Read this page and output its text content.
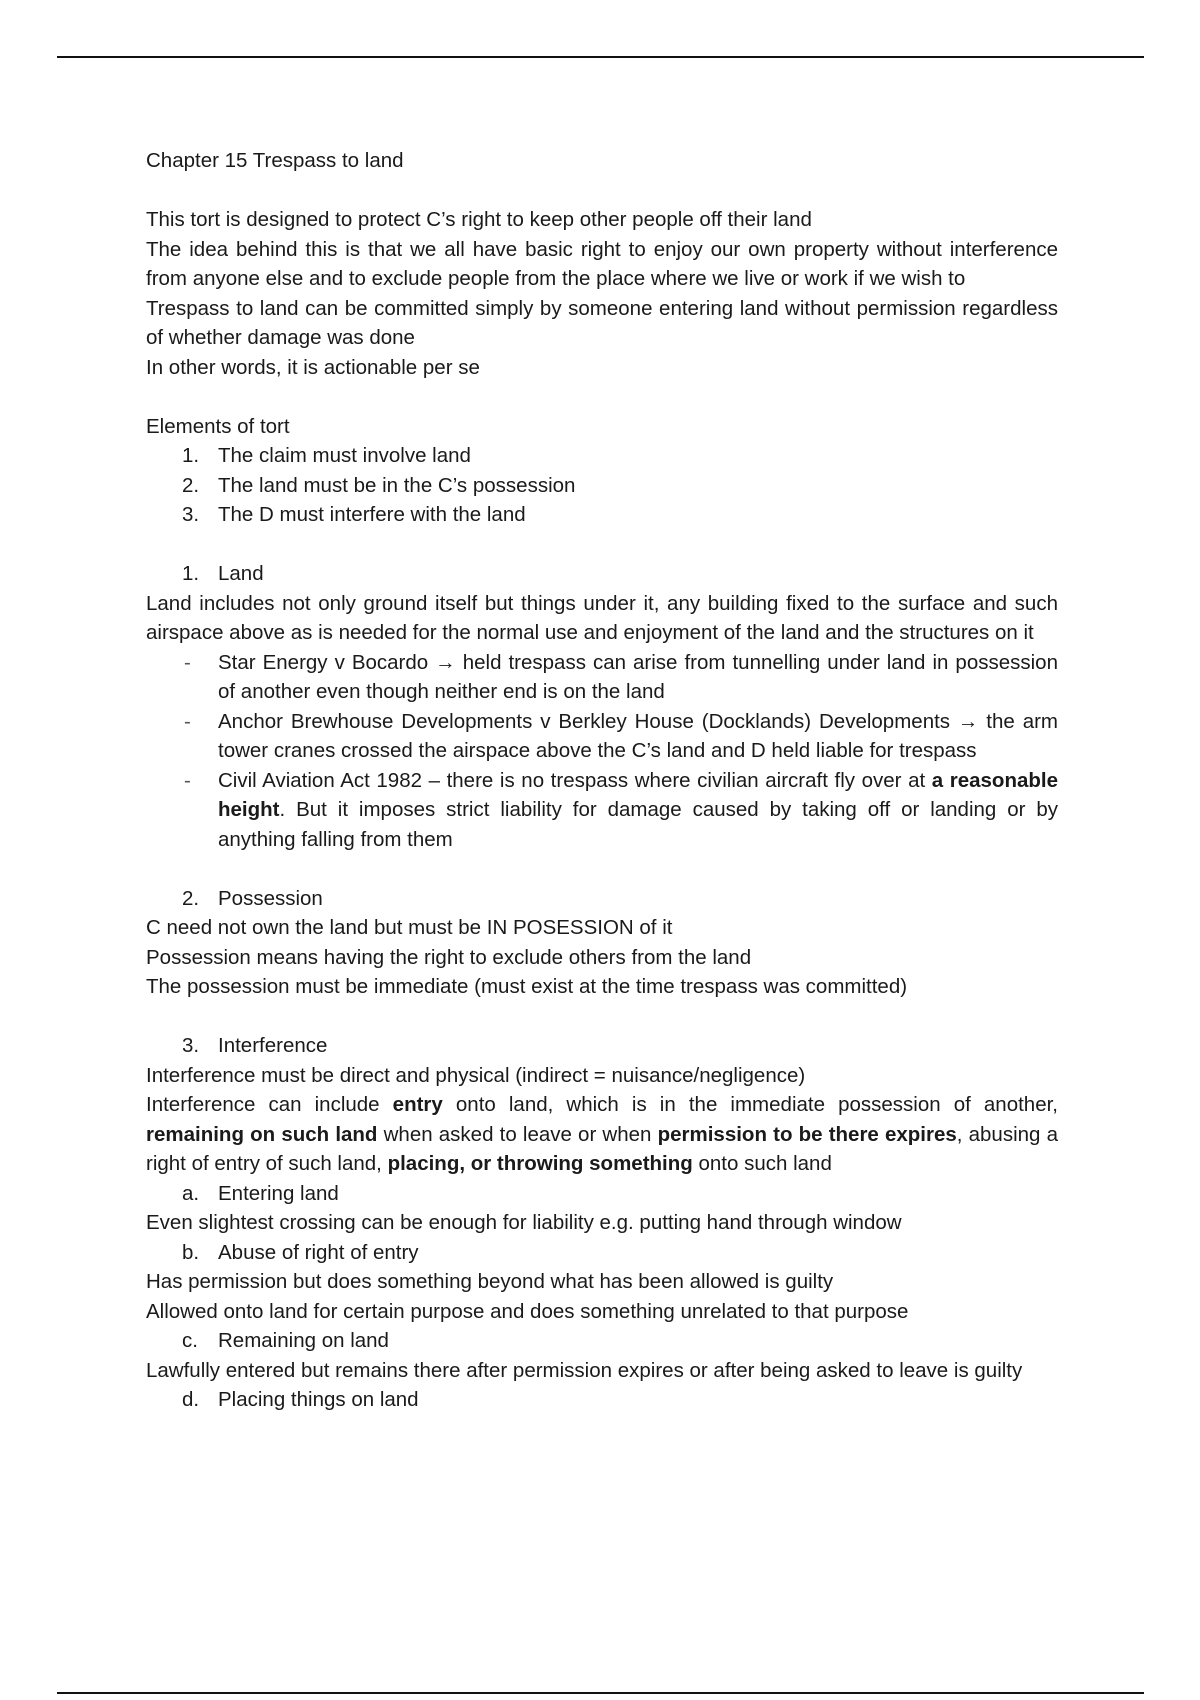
Chapter 15 Trespass to land

This tort is designed to protect C’s right to keep other people off their land

The idea behind this is that we all have basic right to enjoy our own property without interference from anyone else and to exclude people from the place where we live or work if we wish to

Trespass to land can be committed simply by someone entering land without permission regardless of whether damage was done

In other words, it is actionable per se

Elements of tort

1. The claim must involve land

2. The land must be in the C’s possession

3. The D must interfere with the land

1. Land

Land includes not only ground itself but things under it, any building fixed to the surface and such airspace above as is needed for the normal use and enjoyment of the land and the structures on it

- Star Energy v Bocardo → held trespass can arise from tunnelling under land in possession of another even though neither end is on the land

- Anchor Brewhouse Developments v Berkley House (Docklands) Developments → the arm tower cranes crossed the airspace above the C’s land and D held liable for trespass

- Civil Aviation Act 1982 – there is no trespass where civilian aircraft fly over at a reasonable height. But it imposes strict liability for damage caused by taking off or landing or by anything falling from them

2. Possession

C need not own the land but must be IN POSESSION of it

Possession means having the right to exclude others from the land

The possession must be immediate (must exist at the time trespass was committed)

3. Interference

Interference must be direct and physical (indirect = nuisance/negligence)

Interference can include entry onto land, which is in the immediate possession of another, remaining on such land when asked to leave or when permission to be there expires, abusing a right of entry of such land, placing, or throwing something onto such land

a. Entering land

Even slightest crossing can be enough for liability e.g. putting hand through window

b. Abuse of right of entry

Has permission but does something beyond what has been allowed is guilty

Allowed onto land for certain purpose and does something unrelated to that purpose

c. Remaining on land

Lawfully entered but remains there after permission expires or after being asked to leave is guilty

d. Placing things on land
